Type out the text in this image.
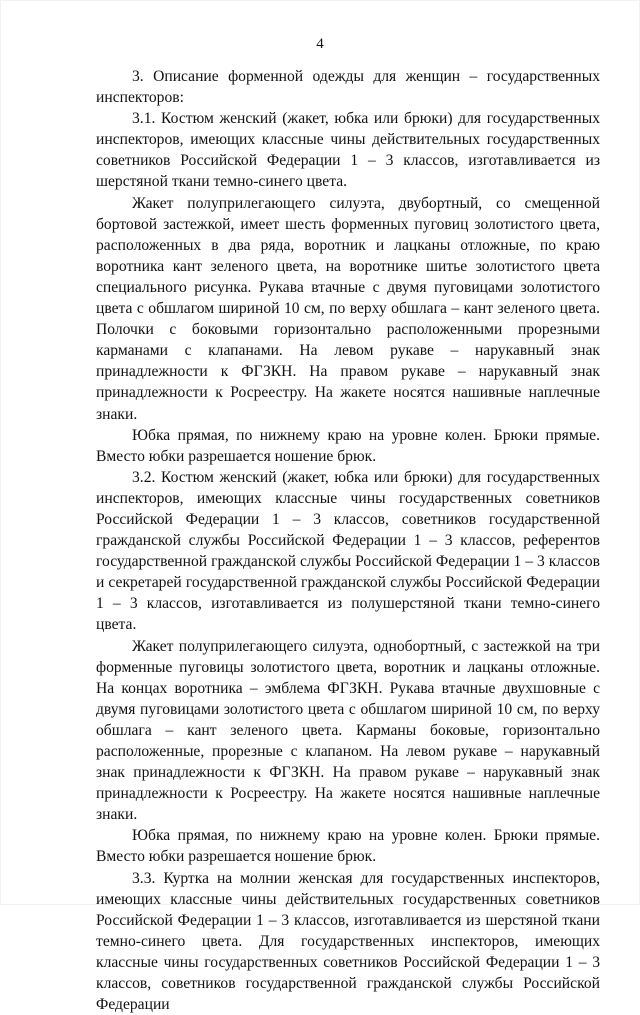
4

3. Описание форменной одежды для женщин – государственных инспекторов:

3.1. Костюм женский (жакет, юбка или брюки) для государственных инспекторов, имеющих классные чины действительных государственных советников Российской Федерации 1 – 3 классов, изготавливается из шерстяной ткани темно-синего цвета.

Жакет полуприлегающего силуэта, двубортный, со смещенной бортовой застежкой, имеет шесть форменных пуговиц золотистого цвета, расположенных в два ряда, воротник и лацканы отложные, по краю воротника кант зеленого цвета, на воротнике шитье золотистого цвета специального рисунка. Рукава втачные с двумя пуговицами золотистого цвета с обшлагом шириной 10 см, по верху обшлага – кант зеленого цвета. Полочки с боковыми горизонтально расположенными прорезными карманами с клапанами. На левом рукаве – нарукавный знак принадлежности к ФГЗКН. На правом рукаве – нарукавный знак принадлежности к Росреестру. На жакете носятся нашивные наплечные знаки.

Юбка прямая, по нижнему краю на уровне колен. Брюки прямые. Вместо юбки разрешается ношение брюк.

3.2. Костюм женский (жакет, юбка или брюки) для государственных инспекторов, имеющих классные чины государственных советников Российской Федерации 1 – 3 классов, советников государственной гражданской службы Российской Федерации 1 – 3 классов, референтов государственной гражданской службы Российской Федерации 1 – 3 классов и секретарей государственной гражданской службы Российской Федерации 1 – 3 классов, изготавливается из полушерстяной ткани темно-синего цвета.

Жакет полуприлегающего силуэта, однобортный, с застежкой на три форменные пуговицы золотистого цвета, воротник и лацканы отложные. На концах воротника – эмблема ФГЗКН. Рукава втачные двухшовные с двумя пуговицами золотистого цвета с обшлагом шириной 10 см, по верху обшлага – кант зеленого цвета. Карманы боковые, горизонтально расположенные, прорезные с клапаном. На левом рукаве – нарукавный знак принадлежности к ФГЗКН. На правом рукаве – нарукавный знак принадлежности к Росреестру. На жакете носятся нашивные наплечные знаки.

Юбка прямая, по нижнему краю на уровне колен. Брюки прямые. Вместо юбки разрешается ношение брюк.

3.3. Куртка на молнии женская для государственных инспекторов, имеющих классные чины действительных государственных советников Российской Федерации 1 – 3 классов, изготавливается из шерстяной ткани темно-синего цвета. Для государственных инспекторов, имеющих классные чины государственных советников Российской Федерации 1 – 3 классов, советников государственной гражданской службы Российской Федерации
